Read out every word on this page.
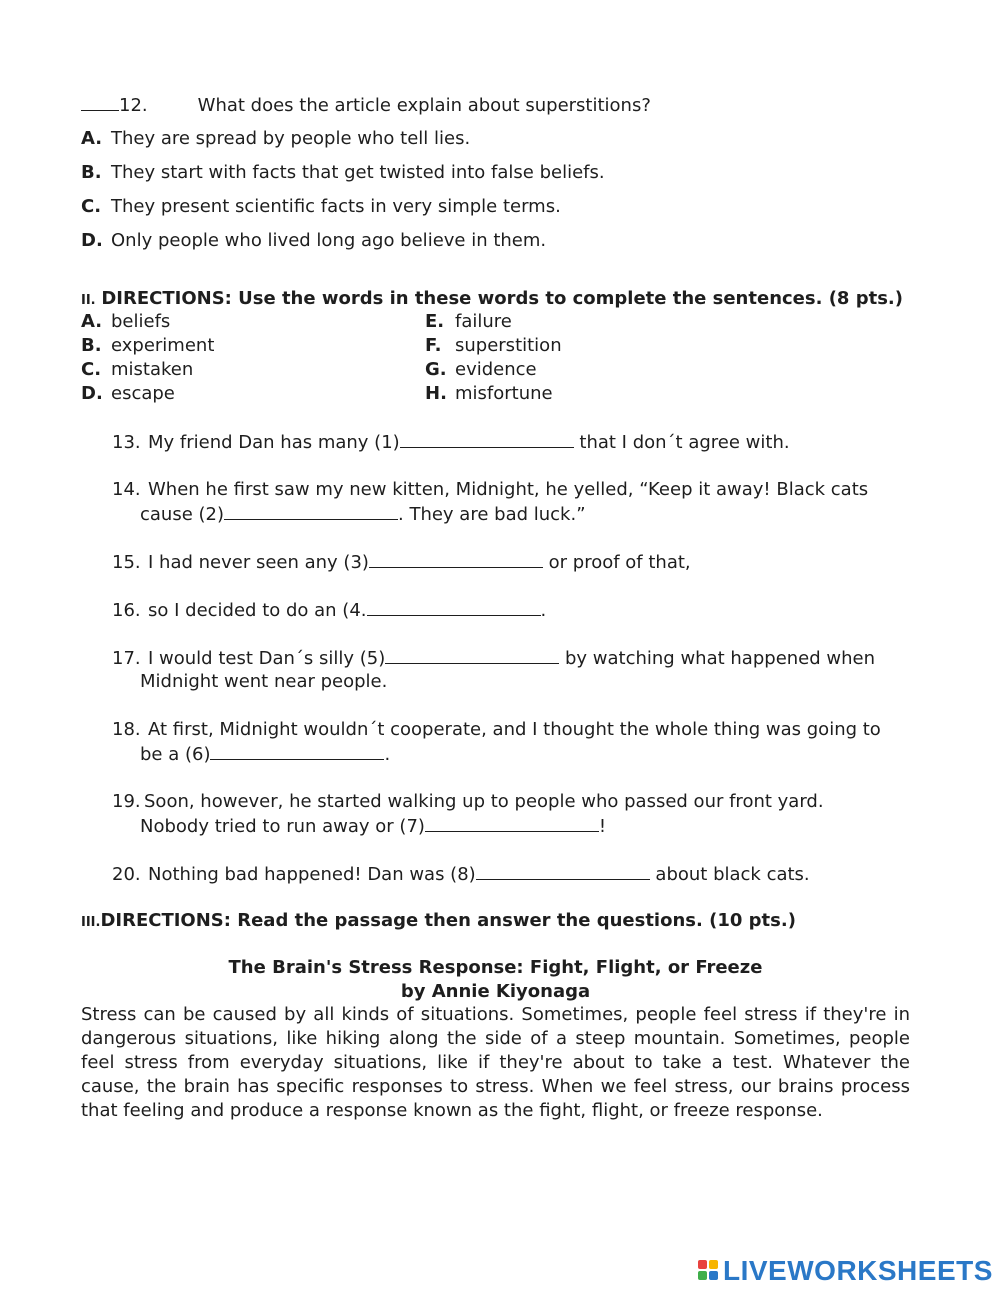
12.	What does the article explain about superstitions?
A. They are spread by people who tell lies.
B. They start with facts that get twisted into false beliefs.
C. They present scientific facts in very simple terms.
D. Only people who lived long ago believe in them.
II. DIRECTIONS: Use the words in these words to complete the sentences. (8 pts.)
A. beliefs
B. experiment
C. mistaken
D. escape
E. failure
F. superstition
G. evidence
H. misfortune
13. My friend Dan has many (1)	that I don´t agree with.
14. When he first saw my new kitten, Midnight, he yelled, “Keep it away! Black cats
cause (2)	. They are bad luck.”
15. I had never seen any (3)	or proof of that,
16. so I decided to do an (4.	.
17. I would test Dan´s silly (5)	by watching what happened when
Midnight went near people.
18. At first, Midnight wouldn´t cooperate, and I thought the whole thing was going to
be a (6)	.
19. Soon, however, he started walking up to people who passed our front yard.
Nobody tried to run away or (7)	!
20. Nothing bad happened! Dan was (8)	about black cats.
III.DIRECTIONS: Read the passage then answer the questions. (10 pts.)
The Brain's Stress Response: Fight, Flight, or Freeze
by Annie Kiyonaga
Stress can be caused by all kinds of situations. Sometimes, people feel stress if they're in dangerous situations, like hiking along the side of a steep mountain. Sometimes, people feel stress from everyday situations, like if they're about to take a test. Whatever the cause, the brain has specific responses to stress. When we feel stress, our brains process that feeling and produce a response known as the fight, flight, or freeze response.
LIVEWORKSHEETS
